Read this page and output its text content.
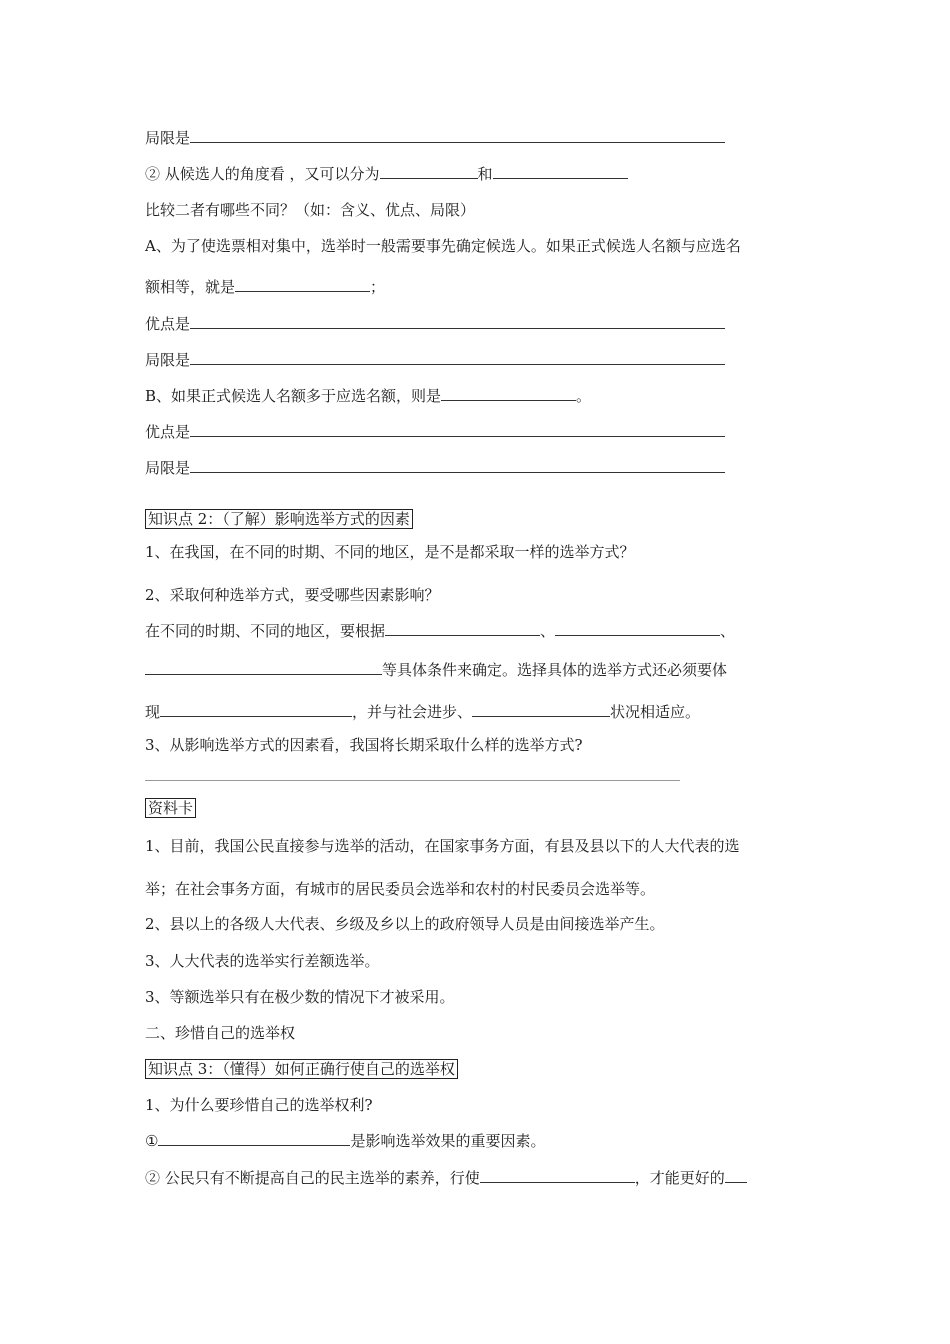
局限是
② 从候选人的角度看 ，又可以分为	和
比较二者有哪些不同？（如：含义、优点、局限）
A、为了使选票相对集中，选举时一般需要事先确定候选人。如果正式候选人名额与应选名
额相等，就是	；
优点是
局限是
B、如果正式候选人名额多于应选名额，则是	。
优点是
局限是
知识点 2：（了解）影响选举方式的因素
1、在我国，在不同的时期、不同的地区，是不是都采取一样的选举方式？
2、采取何种选举方式，要受哪些因素影响？
在不同的时期、不同的地区，要根据	、	、
等具体条件来确定。选择具体的选举方式还必须要体
现	，并与社会进步、	状况相适应。
3、从影响选举方式的因素看，我国将长期采取什么样的选举方式?
资料卡
1、目前，我国公民直接参与选举的活动，在国家事务方面，有县及县以下的人大代表的选
举；在社会事务方面，有城市的居民委员会选举和农村的村民委员会选举等。
2、县以上的各级人大代表、乡级及乡以上的政府领导人员是由间接选举产生。
3、人大代表的选举实行差额选举。
3、等额选举只有在极少数的情况下才被采用。
二、珍惜自己的选举权
知识点 3：（懂得）如何正确行使自己的选举权
1、为什么要珍惜自己的选举权利?
①	是影响选举效果的重要因素。
② 公民只有不断提高自己的民主选举的素养，行使	，才能更好的
